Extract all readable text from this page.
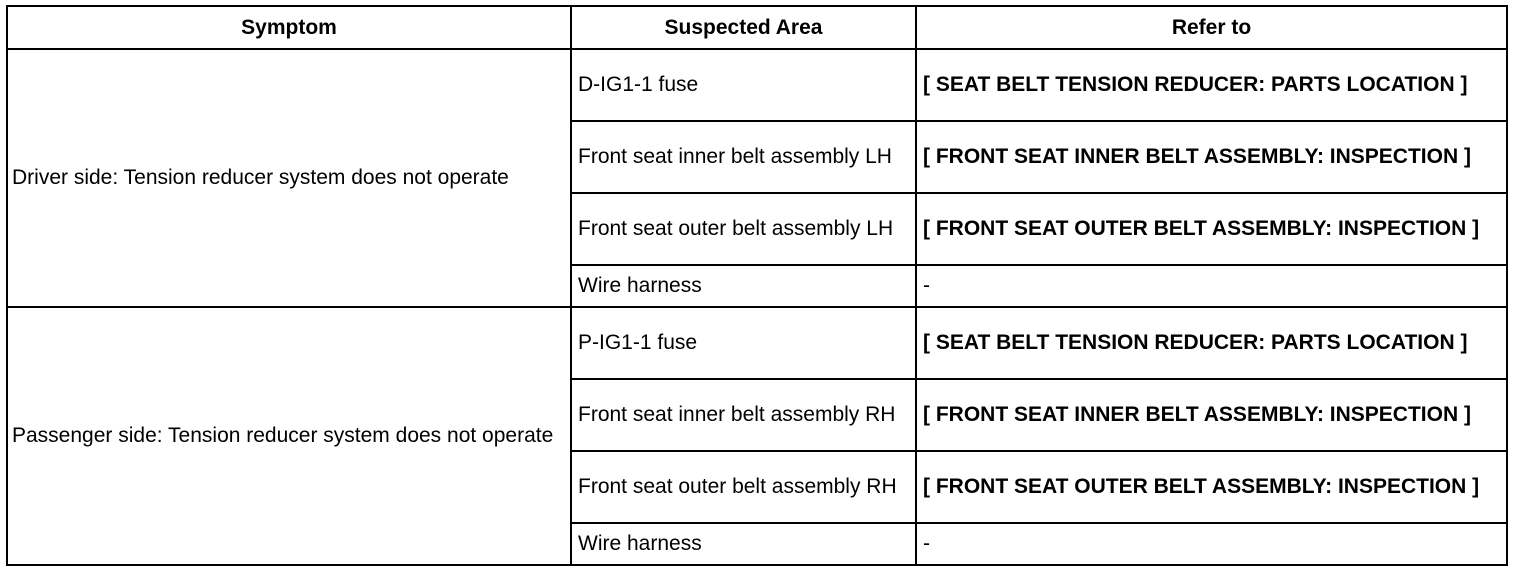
Symptom	Suspected Area	Refer to
Driver side: Tension reducer system does not operate	D-IG1-1 fuse	[ SEAT BELT TENSION REDUCER: PARTS LOCATION ]
	Front seat inner belt assembly LH	[ FRONT SEAT INNER BELT ASSEMBLY: INSPECTION ]
	Front seat outer belt assembly LH	[ FRONT SEAT OUTER BELT ASSEMBLY: INSPECTION ]
	Wire harness	-
Passenger side: Tension reducer system does not operate	P-IG1-1 fuse	[ SEAT BELT TENSION REDUCER: PARTS LOCATION ]
	Front seat inner belt assembly RH	[ FRONT SEAT INNER BELT ASSEMBLY: INSPECTION ]
	Front seat outer belt assembly RH	[ FRONT SEAT OUTER BELT ASSEMBLY: INSPECTION ]
	Wire harness	-
